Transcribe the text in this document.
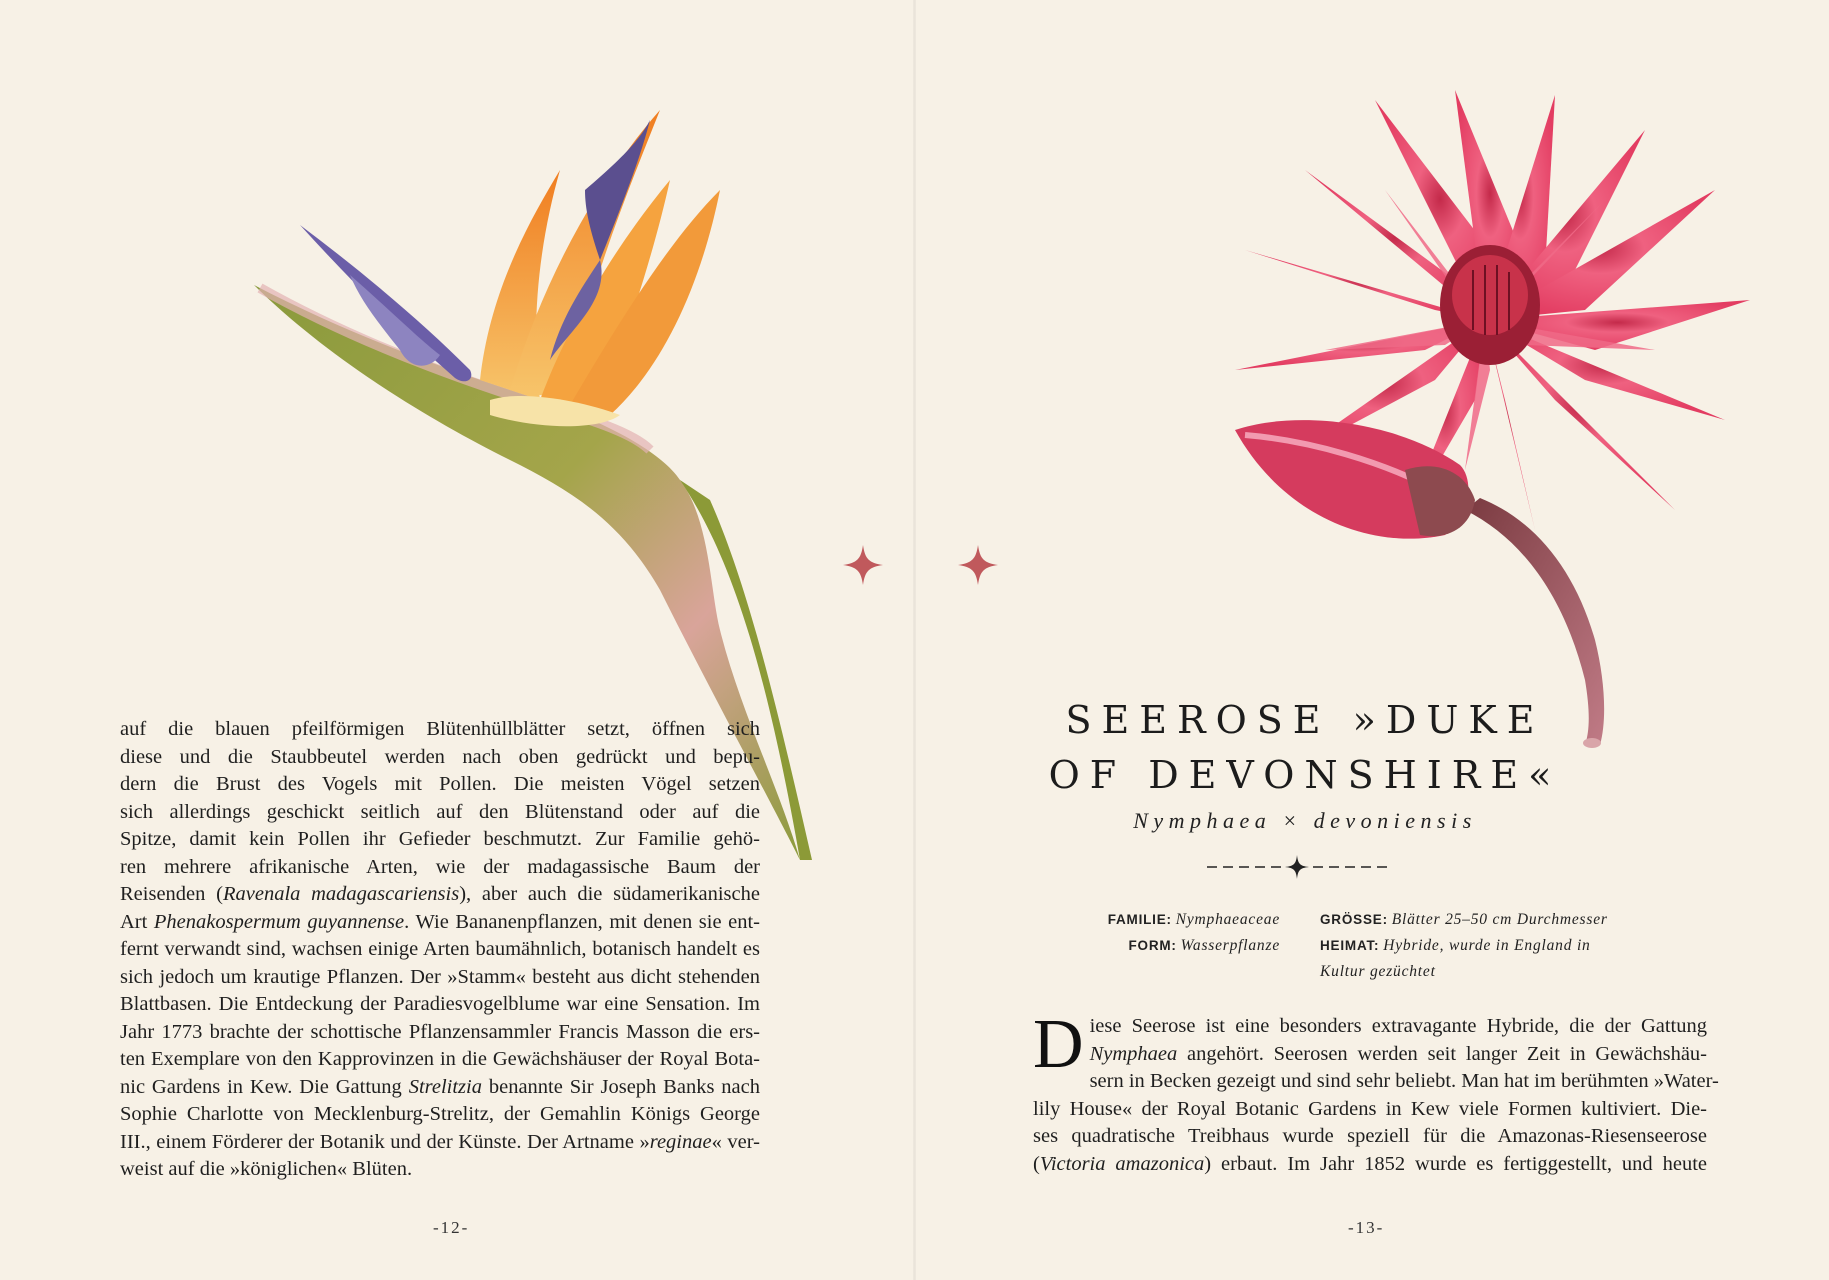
auf die blauen pfeilförmigen Blütenhüllblätter setzt, öffnen sich
diese und die Staubbeutel werden nach oben gedrückt und bepu-
dern die Brust des Vogels mit Pollen. Die meisten Vögel setzen
sich allerdings geschickt seitlich auf den Blütenstand oder auf die
Spitze, damit kein Pollen ihr Gefieder beschmutzt. Zur Familie gehö-
ren mehrere afrikanische Arten, wie der madagassische Baum der
Reisenden (Ravenala madagascariensis), aber auch die südamerikanische
Art Phenakospermum guyannense. Wie Bananenpflanzen, mit denen sie ent-
fernt verwandt sind, wachsen einige Arten baumähnlich, botanisch handelt es
sich jedoch um krautige Pflanzen. Der »Stamm« besteht aus dicht stehenden
Blattbasen. Die Entdeckung der Paradiesvogelblume war eine Sensation. Im
Jahr 1773 brachte der schottische Pflanzensammler Francis Masson die ers-
ten Exemplare von den Kapprovinzen in die Gewächshäuser der Royal Bota-
nic Gardens in Kew. Die Gattung Strelitzia benannte Sir Joseph Banks nach
Sophie Charlotte von Mecklenburg-Strelitz, der Gemahlin Königs George
III., einem Förderer der Botanik und der Künste. Der Artname »reginae« ver-
weist auf die »königlichen« Blüten.
-12-
SEEROSE »DUKE
OF DEVONSHIRE«
Nymphaea × devoniensis
FAMILIE: Nymphaeaceae
FORM: Wasserpflanze
GRÖSSE: Blätter 25–50 cm Durchmesser
HEIMAT: Hybride, wurde in England in
Kultur gezüchtet
D iese Seerose ist eine besonders extravagante Hybride, die der Gattung
Nymphaea angehört. Seerosen werden seit langer Zeit in Gewächshäu-
sern in Becken gezeigt und sind sehr beliebt. Man hat im berühmten »Water-
lily House« der Royal Botanic Gardens in Kew viele Formen kultiviert. Die-
ses quadratische Treibhaus wurde speziell für die Amazonas-Riesenseerose
(Victoria amazonica) erbaut. Im Jahr 1852 wurde es fertiggestellt, und heute
-13-
